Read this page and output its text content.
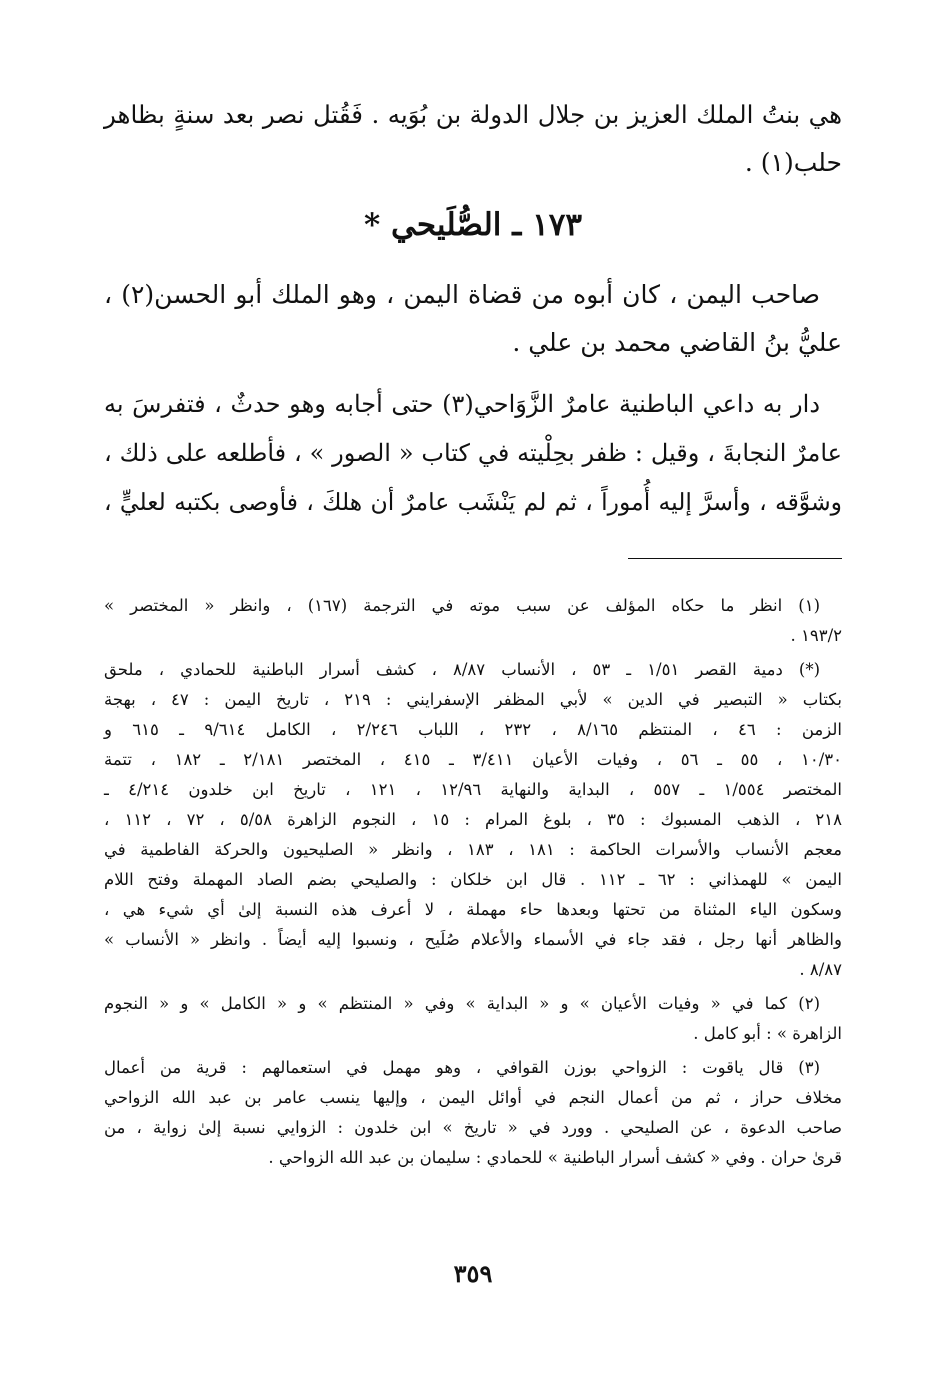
هي بنتُ الملك العزيز بن جلال الدولة بن بُوَيه . فَقُتل نصر بعد سنةٍ بظاهر
حلب(١) .
١٧٣ ـ الصُّلَيحي *
صاحب اليمن ، كان أبوه من قضاة اليمن ، وهو الملك أبو الحسن(٢) ،
عليُّ بنُ القاضي محمد بن علي .
دار به داعي الباطنية عامرٌ الزَّوَاحي(٣) حتى أجابه وهو حدثٌ ، فتفرسَ به
عامرٌ النجابةَ ، وقيل : ظفر بحِلْيته في كتاب « الصور » ، فأطلعه على ذلك ،
وشوَّقه ، وأسرَّ إليه أُموراً ، ثم لم يَنْشَب عامرٌ أن هلكَ ، فأوصى بكتبه لعليٍّ ،
(١) انظر ما حكاه المؤلف عن سبب موته في الترجمة (١٦٧) ، وانظر « المختصر »
١٩٣/٢ .
(*) دمية القصر ١/٥١ ـ ٥٣ ، الأنساب ٨/٨٧ ، كشف أسرار الباطنية للحمادي ، ملحق
بكتاب « التبصير في الدين » لأبي المظفر الإسفرايني : ٢١٩ ، تاريخ اليمن : ٤٧ ، بهجة
الزمن : ٤٦ ، المنتظم ٨/١٦٥ ، ٢٣٢ ، اللباب ٢/٢٤٦ ، الكامل ٩/٦١٤ ـ ٦١٥ و
١٠/٣٠ ، ٥٥ ـ ٥٦ ، وفيات الأعيان ٣/٤١١ ـ ٤١٥ ، المختصر ٢/١٨١ ـ ١٨٢ ، تتمة
المختصر ١/٥٥٤ ـ ٥٥٧ ، البداية والنهاية ١٢/٩٦ ، ١٢١ ، تاريخ ابن خلدون ٤/٢١٤ ـ
٢١٨ ، الذهب المسبوك : ٣٥ ، بلوغ المرام : ١٥ ، النجوم الزاهرة ٥/٥٨ ، ٧٢ ، ١١٢ ،
معجم الأنساب والأسرات الحاكمة : ١٨١ ، ١٨٣ ، وانظر « الصليحيون والحركة الفاطمية في
اليمن » للهمذاني : ٦٢ ـ ١١٢ . قال ابن خلكان : والصليحي بضم الصاد المهملة وفتح اللام
وسكون الياء المثناة من تحتها وبعدها حاء مهملة ، لا أعرف هذه النسبة إلىٰ أي شيء هي ،
والظاهر أنها رجل ، فقد جاء في الأسماء والأعلام صُلَيح ، ونسبوا إليه أيضاً . وانظر « الأنساب »
٨/٨٧ .
(٢) كما في « وفيات الأعيان » و « البداية » وفي « المنتظم » و « الكامل » و « النجوم
الزاهرة » : أبو كامل .
(٣) قال ياقوت : الزواحي بوزن القوافي ، وهو مهمل في استعمالهم : قرية من أعمال
مخلاف حراز ، ثم من أعمال النجم في أوائل اليمن ، وإليها ينسب عامر بن عبد الله الزواحي
صاحب الدعوة ، عن الصليحي . وورد في « تاريخ » ابن خلدون : الزوايي نسبة إلىٰ زواية ، من
قرىٰ حران . وفي « كشف أسرار الباطنية » للحمادي : سليمان بن عبد الله الزواحي .
٣٥٩
